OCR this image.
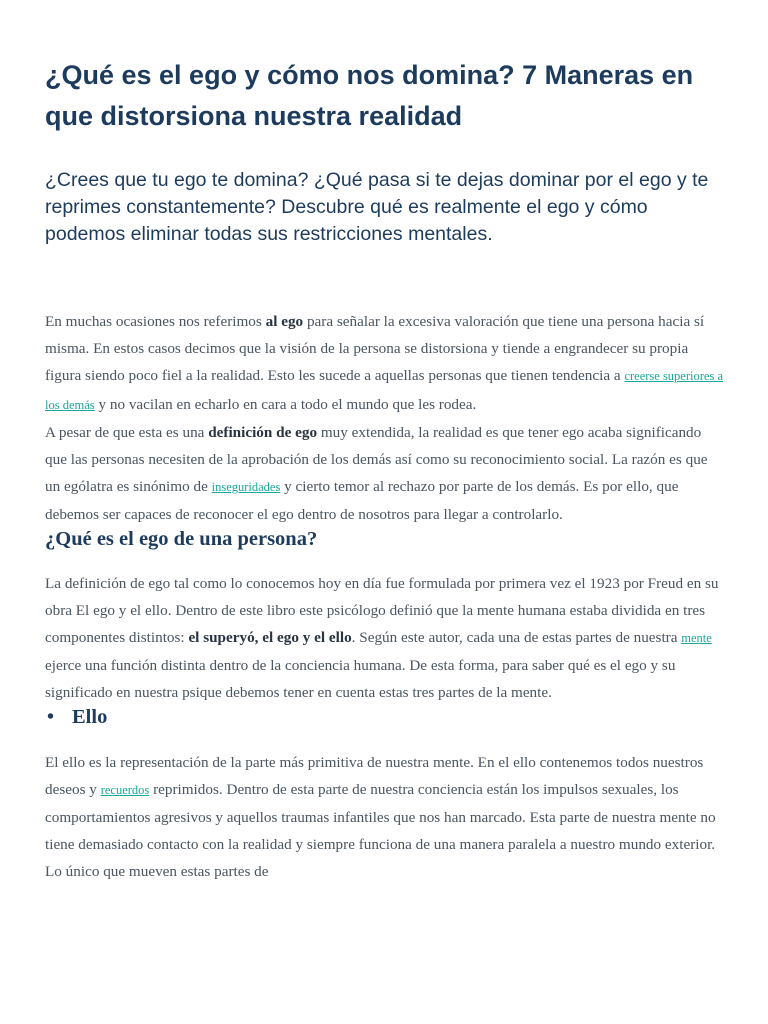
¿Qué es el ego y cómo nos domina? 7 Maneras en que distorsiona nuestra realidad

¿Crees que tu ego te domina? ¿Qué pasa si te dejas dominar por el ego y te reprimes constantemente? Descubre qué es realmente el ego y cómo podemos eliminar todas sus restricciones mentales.

En muchas ocasiones nos referimos al ego para señalar la excesiva valoración que tiene una persona hacia sí misma. En estos casos decimos que la visión de la persona se distorsiona y tiende a engrandecer su propia figura siendo poco fiel a la realidad. Esto les sucede a aquellas personas que tienen tendencia a creerse superiores a los demás y no vacilan en echarlo en cara a todo el mundo que les rodea.

A pesar de que esta es una definición de ego muy extendida, la realidad es que tener ego acaba significando que las personas necesiten de la aprobación de los demás así como su reconocimiento social. La razón es que un ególatra es sinónimo de inseguridades y cierto temor al rechazo por parte de los demás. Es por ello, que debemos ser capaces de reconocer el ego dentro de nosotros para llegar a controlarlo.

¿Qué es el ego de una persona?

La definición de ego tal como lo conocemos hoy en día fue formulada por primera vez el 1923 por Freud en su obra El ego y el ello. Dentro de este libro este psicólogo definió que la mente humana estaba dividida en tres componentes distintos: el superyó, el ego y el ello. Según este autor, cada una de estas partes de nuestra mente ejerce una función distinta dentro de la conciencia humana. De esta forma, para saber qué es el ego y su significado en nuestra psique debemos tener en cuenta estas tres partes de la mente.

• Ello

El ello es la representación de la parte más primitiva de nuestra mente. En el ello contenemos todos nuestros deseos y recuerdos reprimidos. Dentro de esta parte de nuestra conciencia están los impulsos sexuales, los comportamientos agresivos y aquellos traumas infantiles que nos han marcado. Esta parte de nuestra mente no tiene demasiado contacto con la realidad y siempre funciona de una manera paralela a nuestro mundo exterior. Lo único que mueven estas partes de
